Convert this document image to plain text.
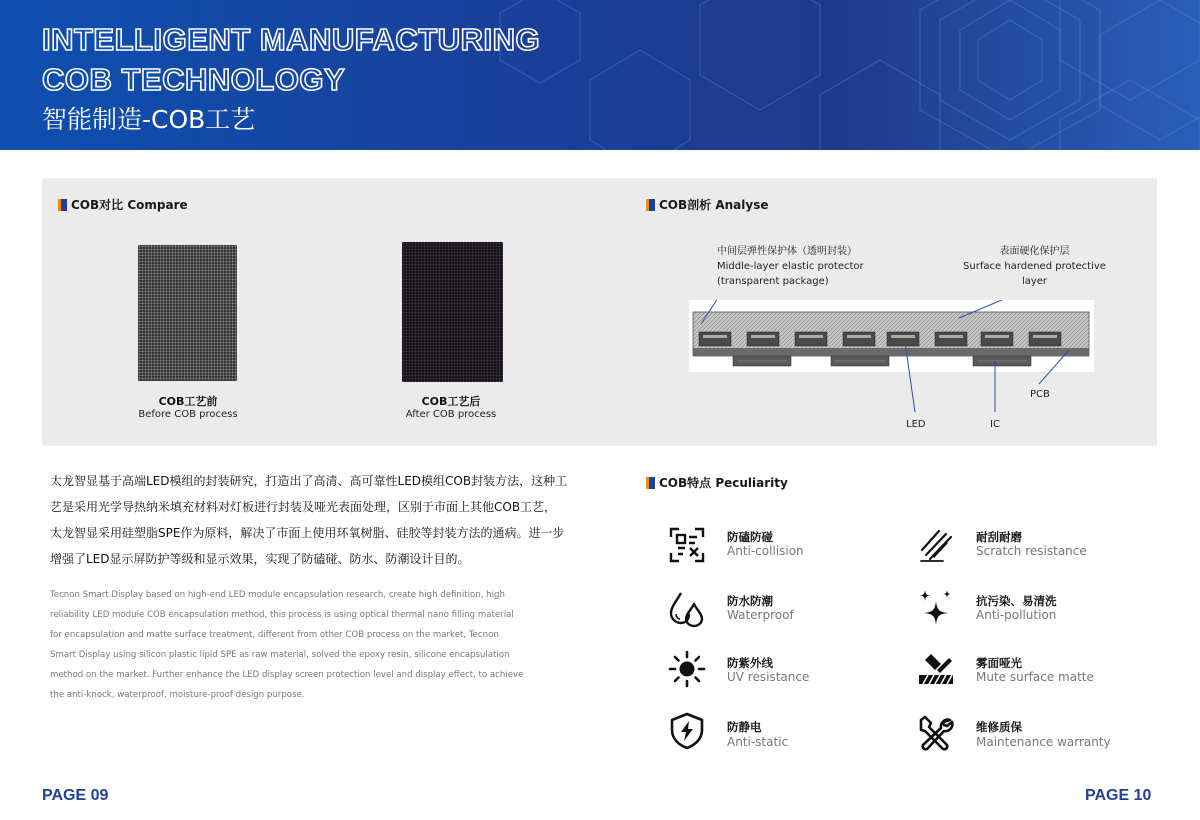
INTELLIGENT MANUFACTURING
COB TECHNOLOGY
智能制造-COB工艺
COB对比 Compare
COB工艺前
Before COB process
COB工艺后
After COB process
COB剖析 Analyse
中间层弹性保护体（透明封装）
Middle-layer elastic protector
(transparent package)
表面硬化保护层
Surface hardened protective layer
PCB
LED	IC
太龙智显基于高端LED模组的封装研究，打造出了高清、高可靠性LED模组COB封装方法，这种工
艺是采用光学导热纳米填充材料对灯板进行封装及哑光表面处理，区别于市面上其他COB工艺，
太龙智显采用硅塑脂SPE作为原料，解决了市面上使用环氧树脂、硅胶等封装方法的通病。进一步
增强了LED显示屏防护等级和显示效果，实现了防磕碰、防水、防潮设计目的。
Tecnon Smart Display based on high-end LED module encapsulation research, create high definition, high
reliability LED module COB encapsulation method, this process is using optical thermal nano filling material
for encapsulation and matte surface treatment, different from other COB process on the market, Tecnon
Smart Display using silicon plastic lipid SPE as raw material, solved the epoxy resin, silicone encapsulation
method on the market. Further enhance the LED display screen protection level and display effect, to achieve
the anti-knock, waterproof, moisture-proof design purpose.
COB特点 Peculiarity
防磕防碰
Anti-collision
耐刮耐磨
Scratch resistance
防水防潮
Waterproof
抗污染、易清洗
Anti-pollution
防紫外线
UV resistance
雾面哑光
Mute surface matte
防静电
Anti-static
维修质保
Maintenance warranty
PAGE 09	PAGE 10
